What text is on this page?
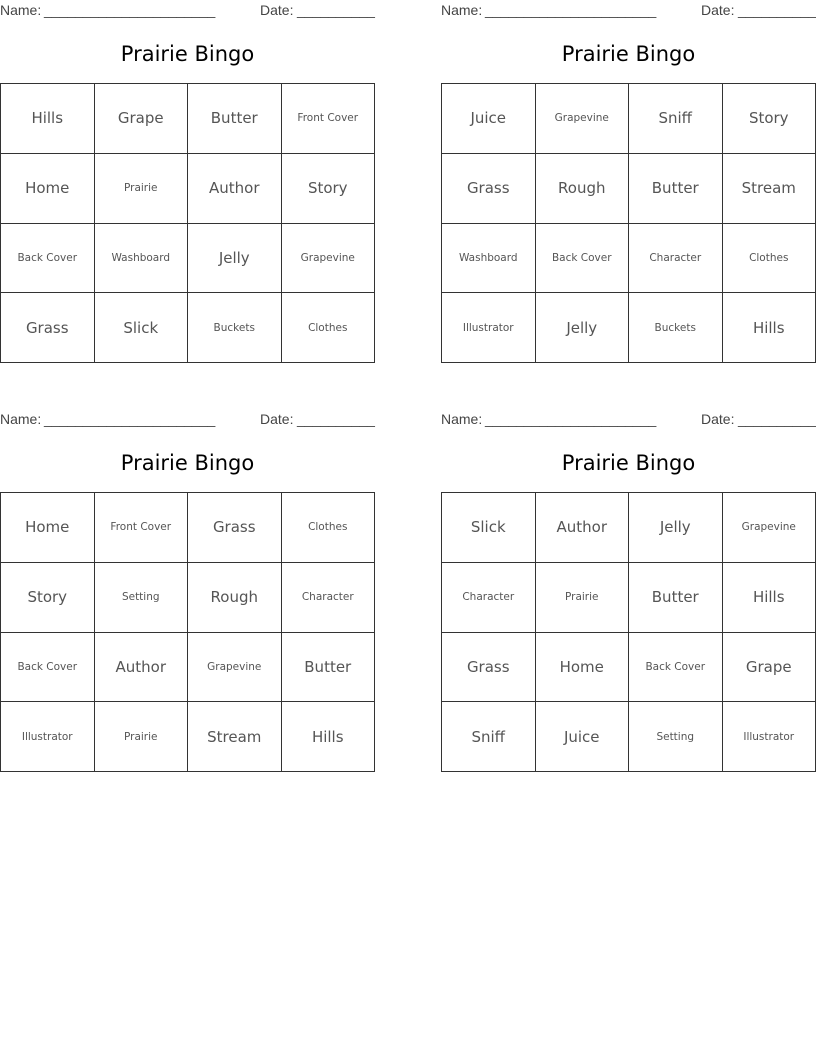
Name: ______________________	Date: __________
Prairie Bingo
Hills	Grape	Butter	Front Cover
Home	Prairie	Author	Story
Back Cover	Washboard	Jelly	Grapevine
Grass	Slick	Buckets	Clothes
Name: ______________________	Date: __________
Prairie Bingo
Juice	Grapevine	Sniff	Story
Grass	Rough	Butter	Stream
Washboard	Back Cover	Character	Clothes
Illustrator	Jelly	Buckets	Hills
Name: ______________________	Date: __________
Prairie Bingo
Home	Front Cover	Grass	Clothes
Story	Setting	Rough	Character
Back Cover	Author	Grapevine	Butter
Illustrator	Prairie	Stream	Hills
Name: ______________________	Date: __________
Prairie Bingo
Slick	Author	Jelly	Grapevine
Character	Prairie	Butter	Hills
Grass	Home	Back Cover	Grape
Sniff	Juice	Setting	Illustrator
